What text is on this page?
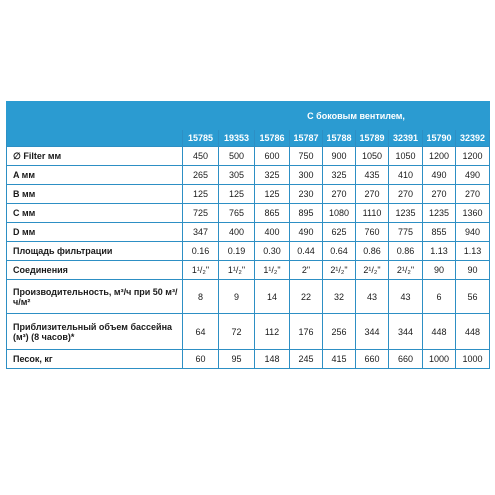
	С боковым вентилем,								
	15785	19353	15786	15787	15788	15789	32391	15790	32392
∅ Filter мм	450	500	600	750	900	1050	1050	1200	1200
A мм	265	305	325	300	325	435	410	490	490
B мм	125	125	125	230	270	270	270	270	270
C мм	725	765	865	895	1080	1110	1235	1235	1360
D мм	347	400	400	490	625	760	775	855	940
Площадь фильтрации	0.16	0.19	0.30	0.44	0.64	0.86	0.86	1.13	1.13
Соединения	1¹/₂"	1¹/₂"	1¹/₂"	2"	2¹/₂"	2¹/₂"	2¹/₂"	90	90
Производительность, м³/ч при 50 м³/ч/м²	8	9	14	22	32	43	43	6	56
Приблизительный объем бассейна (м³) (8 часов)*	64	72	112	176	256	344	344	448	448
Песок, кг	60	95	148	245	415	660	660	1000	1000
